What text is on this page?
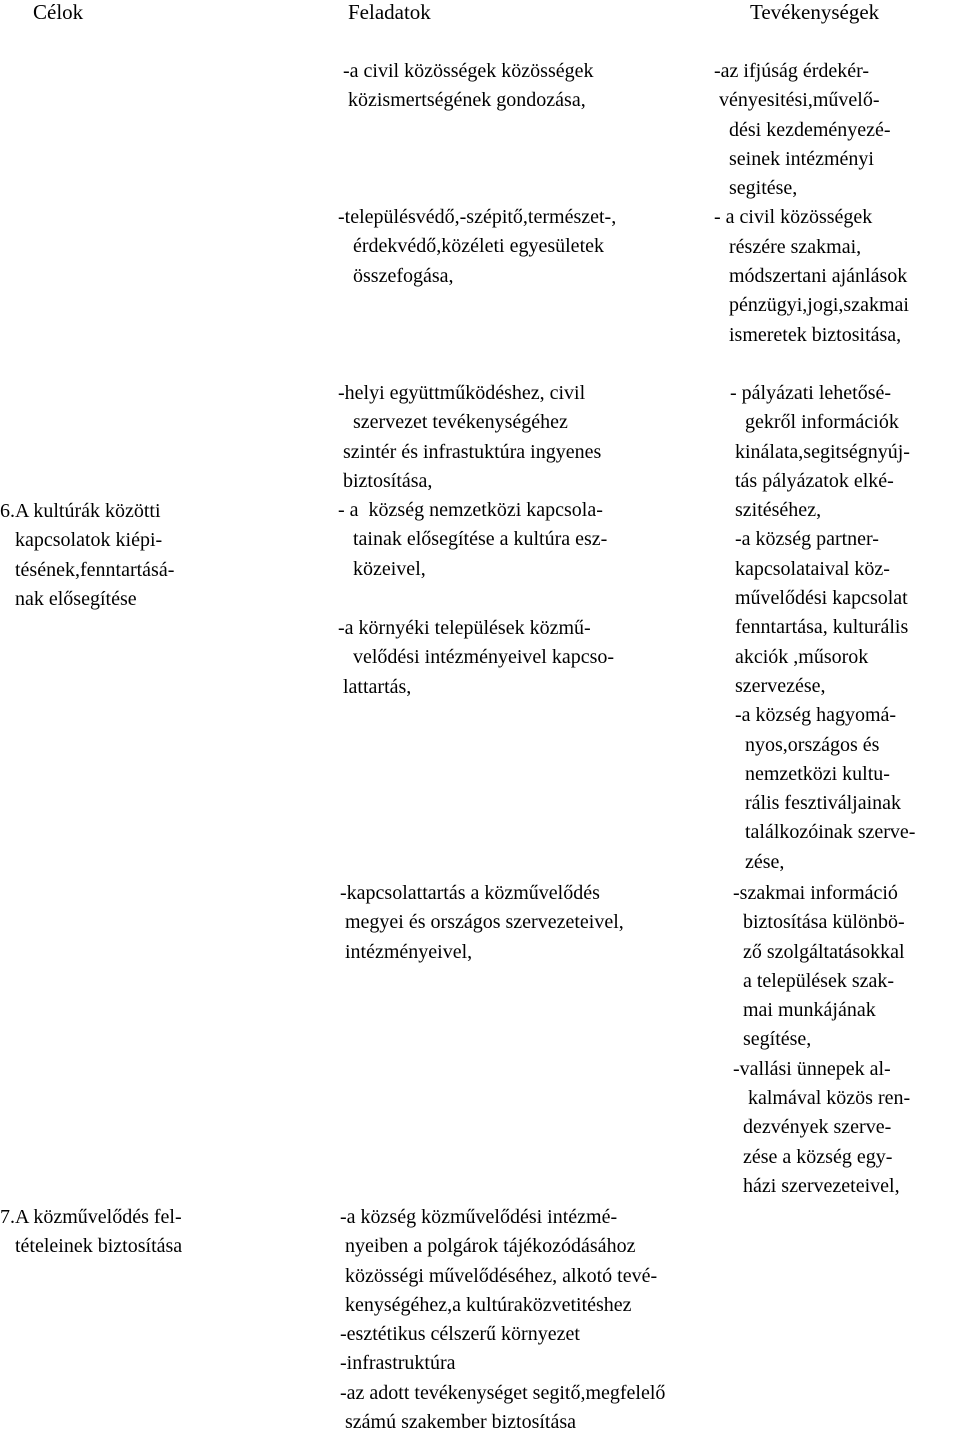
Célok	Feladatok	Tevékenységek
6.A kultúrák közötti
kapcsolatok kiépi-
tésének,fenntartásá-
nak elősegítése
7.A közművelődés fel-
tételeinek biztosítása
-a civil közösségek közösségek
közismertségének gondozása,
-településvédő,-szépitő,természet-,
érdekvédő,közéleti egyesületek
összefogása,
-helyi együttműködéshez, civil
szervezet tevékenységéhez
szintér és infrastuktúra ingyenes
biztosítása,
- a  község nemzetközi kapcsola-
tainak elősegítése a kultúra esz-
közeivel,
-a környéki települések közmű-
velődési intézményeivel kapcso-
lattartás,
-kapcsolattartás a közművelődés
megyei és országos szervezeteivel,
intézményeivel,
-a község közművelődési intézmé-
nyeiben a polgárok tájékozódásához
közösségi művelődéséhez, alkotó tevé-
kenységéhez,a kultúraközvetitéshez
-esztétikus célszerű környezet
-infrastruktúra
-az adott tevékenységet segitő,megfelelő
számú szakember biztosítása
-az ifjúság érdekér-
vényesitési,művelő-
dési kezdeményezé-
seinek intézményi
segitése,
- a civil közösségek
részére szakmai,
módszertani ajánlások
pénzügyi,jogi,szakmai
ismeretek biztositása,
- pályázati lehetősé-
gekről információk
kinálata,segitségnyúj-
tás pályázatok elké-
szitéséhez,
-a község partner-
kapcsolataival köz-
művelődési kapcsolat
fenntartása, kulturális
akciók ,műsorok
szervezése,
-a község hagyomá-
nyos,országos és
nemzetközi kultu-
rális fesztiváljainak
találkozóinak szerve-
zése,
-szakmai információ
biztosítása különbö-
ző szolgáltatásokkal
a települések szak-
mai munkájának
segítése,
-vallási ünnepek al-
kalmával közös ren-
dezvények szerve-
zése a község egy-
házi szervezeteivel,
